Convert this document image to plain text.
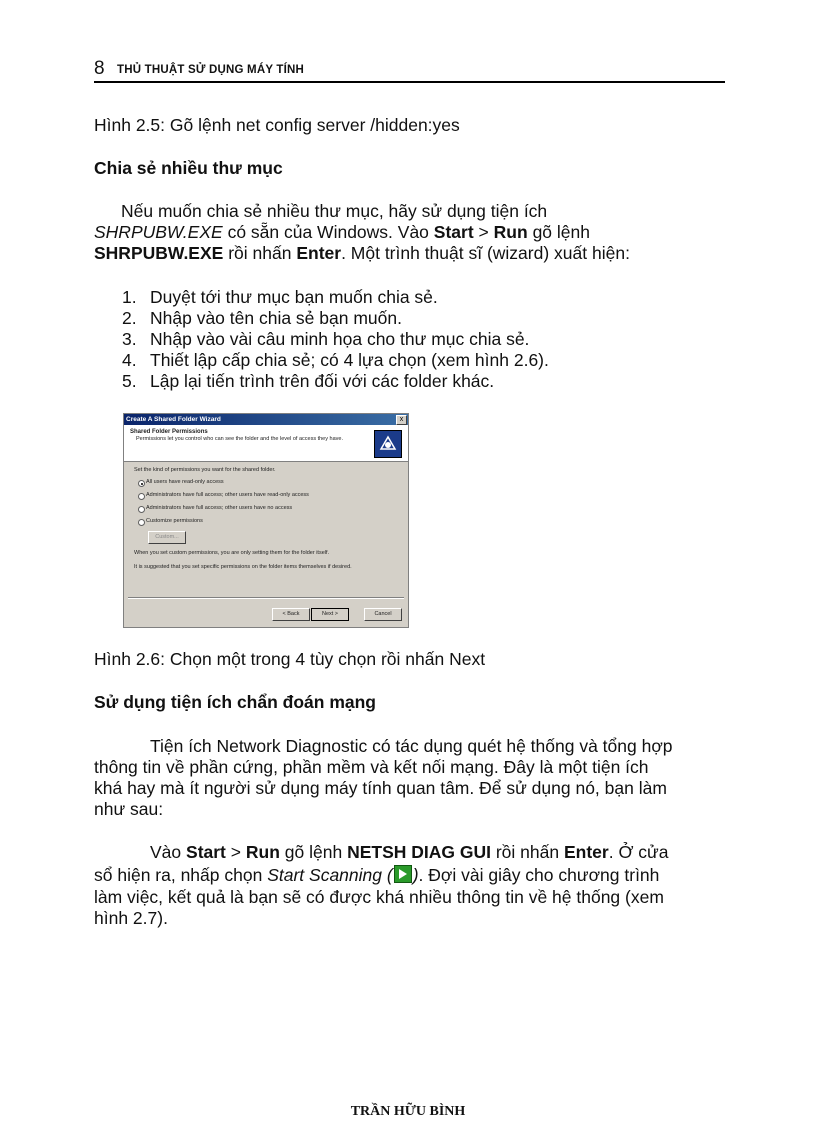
8 THỦ THUẬT SỬ DỤNG MÁY TÍNH
Hình 2.5: Gõ lệnh net config server /hidden:yes
Chia sẻ nhiều thư mục
Nếu muốn chia sẻ nhiều thư mục, hãy sử dụng tiện ích
SHRPUBW.EXE có sẵn của Windows. Vào Start > Run gõ lệnh
SHRPUBW.EXE rồi nhấn Enter. Một trình thuật sĩ (wizard) xuất hiện:
1. Duyệt tới thư mục bạn muốn chia sẻ.
2. Nhập vào tên chia sẻ bạn muốn.
3. Nhập vào vài câu minh họa cho thư mục chia sẻ.
4. Thiết lập cấp chia sẻ; có 4 lựa chọn (xem hình 2.6).
5. Lập lại tiến trình trên đối với các folder khác.
Create A Shared Folder Wizard	x
Shared Folder Permissions
Permissions let you control who can see the folder and the level of access they have.
Set the kind of permissions you want for the shared folder.
All users have read-only access
Administrators have full access; other users have read-only access
Administrators have full access; other users have no access
Customize permissions
Custom...
When you set custom permissions, you are only setting them for the folder itself.
It is suggested that you set specific permissions on the folder items themselves if desired.
< Back	Next >	Cancel
Hình 2.6: Chọn một trong 4 tùy chọn rồi nhấn Next
Sử dụng tiện ích chẩn đoán mạng
Tiện ích Network Diagnostic có tác dụng quét hệ thống và tổng hợp
thông tin về phần cứng, phần mềm và kết nối mạng. Đây là một tiện ích
khá hay mà ít người sử dụng máy tính quan tâm. Để sử dụng nó, bạn làm
như sau:
Vào Start > Run gõ lệnh NETSH DIAG GUI rồi nhấn Enter. Ở cửa
sổ hiện ra, nhấp chọn Start Scanning ( ). Đợi vài giây cho chương trình
làm việc, kết quả là bạn sẽ có được khá nhiều thông tin về hệ thống (xem
hình 2.7).
TRẦN HỮU BÌNH
